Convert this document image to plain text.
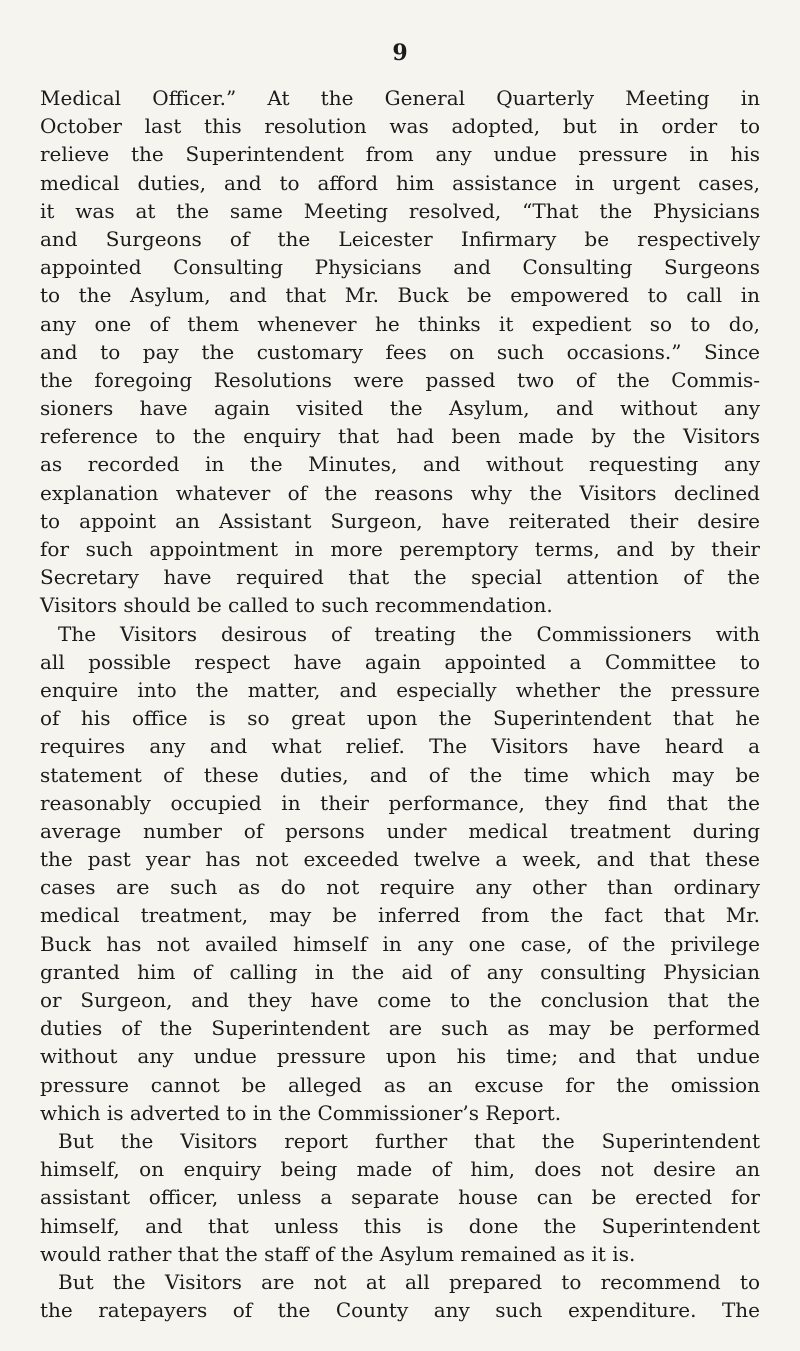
9
Medical Officer.” At the General Quarterly Meeting in
October last this resolution was adopted, but in order to
relieve the Superintendent from any undue pressure in his
medical duties, and to afford him assistance in urgent cases,
it was at the same Meeting resolved, “That the Physicians
and Surgeons of the Leicester Infirmary be respectively
appointed Consulting Physicians and Consulting Surgeons
to the Asylum, and that Mr. Buck be empowered to call in
any one of them whenever he thinks it expedient so to do,
and to pay the customary fees on such occasions.” Since
the foregoing Resolutions were passed two of the Commis-
sioners have again visited the Asylum, and without any
reference to the enquiry that had been made by the Visitors
as recorded in the Minutes, and without requesting any
explanation whatever of the reasons why the Visitors declined
to appoint an Assistant Surgeon, have reiterated their desire
for such appointment in more peremptory terms, and by their
Secretary have required that the special attention of the
Visitors should be called to such recommendation.
The Visitors desirous of treating the Commissioners with
all possible respect have again appointed a Committee to
enquire into the matter, and especially whether the pressure
of his office is so great upon the Superintendent that he
requires any and what relief. The Visitors have heard a
statement of these duties, and of the time which may be
reasonably occupied in their performance, they find that the
average number of persons under medical treatment during
the past year has not exceeded twelve a week, and that these
cases are such as do not require any other than ordinary
medical treatment, may be inferred from the fact that Mr.
Buck has not availed himself in any one case, of the privilege
granted him of calling in the aid of any consulting Physician
or Surgeon, and they have come to the conclusion that the
duties of the Superintendent are such as may be performed
without any undue pressure upon his time; and that undue
pressure cannot be alleged as an excuse for the omission
which is adverted to in the Commissioner’s Report.
But the Visitors report further that the Superintendent
himself, on enquiry being made of him, does not desire an
assistant officer, unless a separate house can be erected for
himself, and that unless this is done the Superintendent
would rather that the staff of the Asylum remained as it is.
But the Visitors are not at all prepared to recommend to
the ratepayers of the County any such expenditure. The
